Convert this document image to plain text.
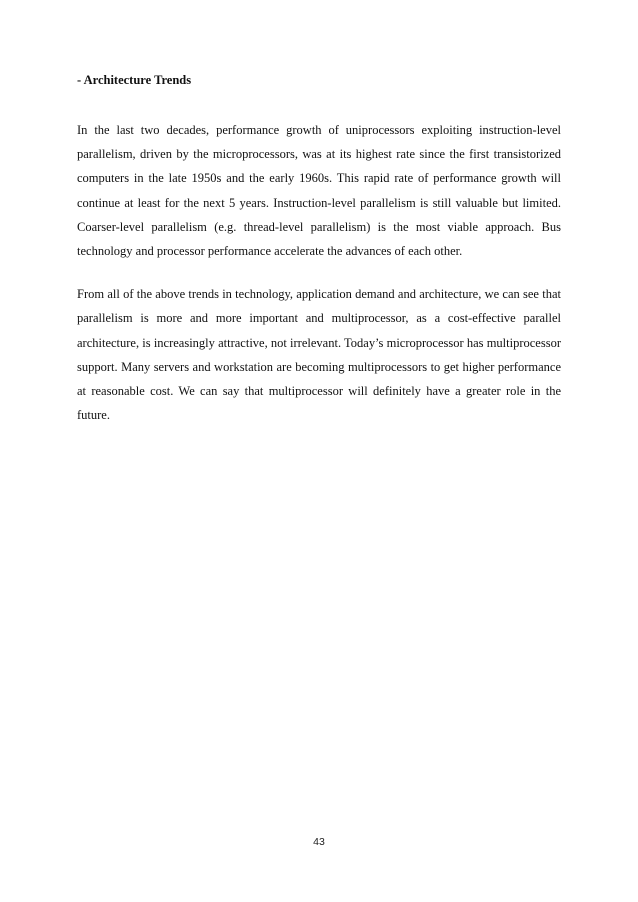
- Architecture Trends

In the last two decades, performance growth of uniprocessors exploiting instruction-level parallelism, driven by the microprocessors, was at its highest rate since the first transistorized computers in the late 1950s and the early 1960s. This rapid rate of performance growth will continue at least for the next 5 years. Instruction-level parallelism is still valuable but limited. Coarser-level parallelism (e.g. thread-level parallelism) is the most viable approach. Bus technology and processor performance accelerate the advances of each other.

From all of the above trends in technology, application demand and architecture, we can see that parallelism is more and more important and multiprocessor, as a cost-effective parallel architecture, is increasingly attractive, not irrelevant. Today’s microprocessor has multiprocessor support. Many servers and workstation are becoming multiprocessors to get higher performance at reasonable cost. We can say that multiprocessor will definitely have a greater role in the future.

43
